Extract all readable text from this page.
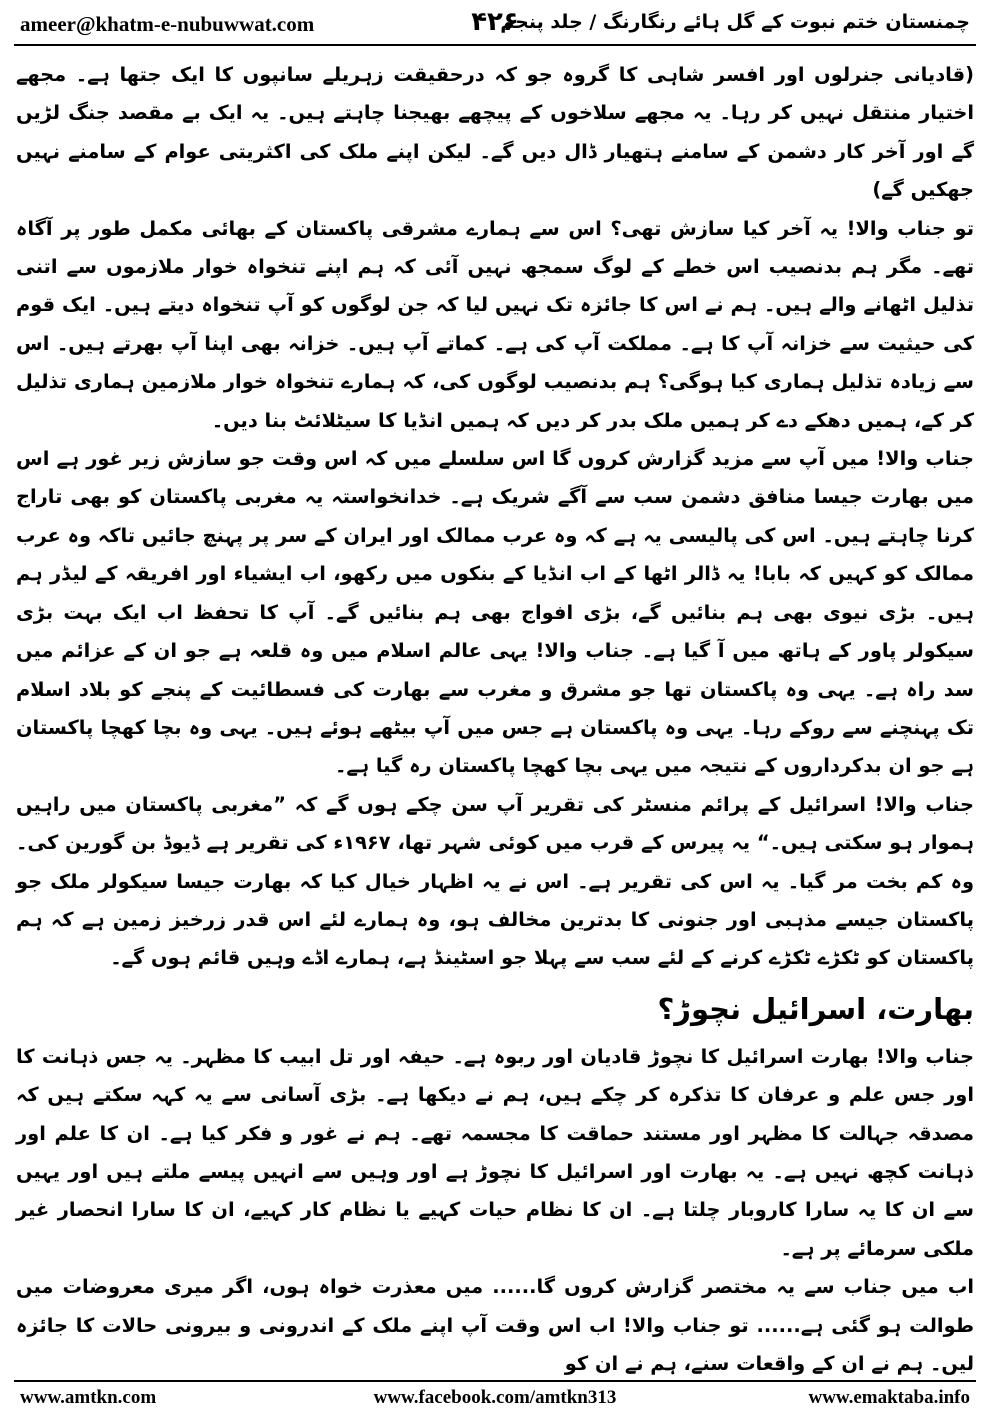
ameer@khatm-e-nubuwwat.com	۴۲۶
چمنستان ختم نبوت کے گل ہائے رنگارنگ / جلد پنجم

(قادیانی جنرلوں اور افسر شاہی کا گروہ جو کہ درحقیقت زہریلے سانپوں کا ایک جتھا ہے۔ مجھے اختیار منتقل نہیں کر رہا۔ یہ مجھے سلاخوں کے پیچھے بھیجنا چاہتے ہیں۔ یہ ایک بے مقصد جنگ لڑیں گے اور آخر کار دشمن کے سامنے ہتھیار ڈال دیں گے۔ لیکن اپنے ملک کی اکثریتی عوام کے سامنے نہیں جھکیں گے)

تو جناب والا! یہ آخر کیا سازش تھی؟ اس سے ہمارے مشرقی پاکستان کے بھائی مکمل طور پر آگاہ تھے۔ مگر ہم بدنصیب اس خطے کے لوگ سمجھ نہیں آئی کہ ہم اپنے تنخواہ خوار ملازموں سے اتنی تذلیل اٹھانے والے ہیں۔ ہم نے اس کا جائزہ تک نہیں لیا کہ جن لوگوں کو آپ تنخواہ دیتے ہیں۔ ایک قوم کی حیثیت سے خزانہ آپ کا ہے۔ مملکت آپ کی ہے۔ کماتے آپ ہیں۔ خزانہ بھی اپنا آپ بھرتے ہیں۔ اس سے زیادہ تذلیل ہماری کیا ہوگی؟ ہم بدنصیب لوگوں کی، کہ ہمارے تنخواہ خوار ملازمین ہماری تذلیل کر کے، ہمیں دھکے دے کر ہمیں ملک بدر کر دیں کہ ہمیں انڈیا کا سیٹلائٹ بنا دیں۔

جناب والا! میں آپ سے مزید گزارش کروں گا اس سلسلے میں کہ اس وقت جو سازش زیر غور ہے اس میں بھارت جیسا منافق دشمن سب سے آگے شریک ہے۔ خدانخواستہ یہ مغربی پاکستان کو بھی تاراج کرنا چاہتے ہیں۔ اس کی پالیسی یہ ہے کہ وہ عرب ممالک اور ایران کے سر پر پہنچ جائیں تاکہ وہ عرب ممالک کو کہیں کہ بابا! یہ ڈالر اٹھا کے اب انڈیا کے بنکوں میں رکھو، اب ایشیاء اور افریقہ کے لیڈر ہم ہیں۔ بڑی نیوی بھی ہم بنائیں گے، بڑی افواج بھی ہم بنائیں گے۔ آپ کا تحفظ اب ایک بہت بڑی سیکولر پاور کے ہاتھ میں آ گیا ہے۔ جناب والا! یہی عالم اسلام میں وہ قلعہ ہے جو ان کے عزائم میں سد راہ ہے۔ یہی وہ پاکستان تھا جو مشرق و مغرب سے بھارت کی فسطائیت کے پنجے کو بلاد اسلام تک پہنچنے سے روکے رہا۔ یہی وہ پاکستان ہے جس میں آپ بیٹھے ہوئے ہیں۔ یہی وہ بچا کھچا پاکستان ہے جو ان بدکرداروں کے نتیجہ میں یہی بچا کھچا پاکستان رہ گیا ہے۔

جناب والا! اسرائیل کے پرائم منسٹر کی تقریر آپ سن چکے ہوں گے کہ ”مغربی پاکستان میں راہیں ہموار ہو سکتی ہیں۔“ یہ پیرس کے قرب میں کوئی شہر تھا، ۱۹۶۷ء کی تقریر ہے ڈیوڈ بن گورین کی۔ وہ کم بخت مر گیا۔ یہ اس کی تقریر ہے۔ اس نے یہ اظہار خیال کیا کہ بھارت جیسا سیکولر ملک جو پاکستان جیسے مذہبی اور جنونی کا بدترین مخالف ہو، وہ ہمارے لئے اس قدر زرخیز زمین ہے کہ ہم پاکستان کو ٹکڑے ٹکڑے کرنے کے لئے سب سے پہلا جو اسٹینڈ ہے، ہمارے اڈے وہیں قائم ہوں گے۔

بھارت، اسرائیل نچوڑ؟

جناب والا! بھارت اسرائیل کا نچوڑ قادیان اور ربوہ ہے۔ حیفہ اور تل ابیب کا مظہر۔ یہ جس ذہانت کا اور جس علم و عرفان کا تذکرہ کر چکے ہیں، ہم نے دیکھا ہے۔ بڑی آسانی سے یہ کہہ سکتے ہیں کہ مصدقہ جہالت کا مظہر اور مستند حماقت کا مجسمہ تھے۔ ہم نے غور و فکر کیا ہے۔ ان کا علم اور ذہانت کچھ نہیں ہے۔ یہ بھارت اور اسرائیل کا نچوڑ ہے اور وہیں سے انہیں پیسے ملتے ہیں اور یہیں سے ان کا یہ سارا کاروبار چلتا ہے۔ ان کا نظام حیات کہیے یا نظام کار کہیے، ان کا سارا انحصار غیر ملکی سرمائے پر ہے۔

اب میں جناب سے یہ مختصر گزارش کروں گا...... میں معذرت خواہ ہوں، اگر میری معروضات میں طوالت ہو گئی ہے...... تو جناب والا! اب اس وقت آپ اپنے ملک کے اندرونی و بیرونی حالات کا جائزہ لیں۔ ہم نے ان کے واقعات سنے، ہم نے ان کو

www.amtkn.com	www.facebook.com/amtkn313	www.emaktaba.info
